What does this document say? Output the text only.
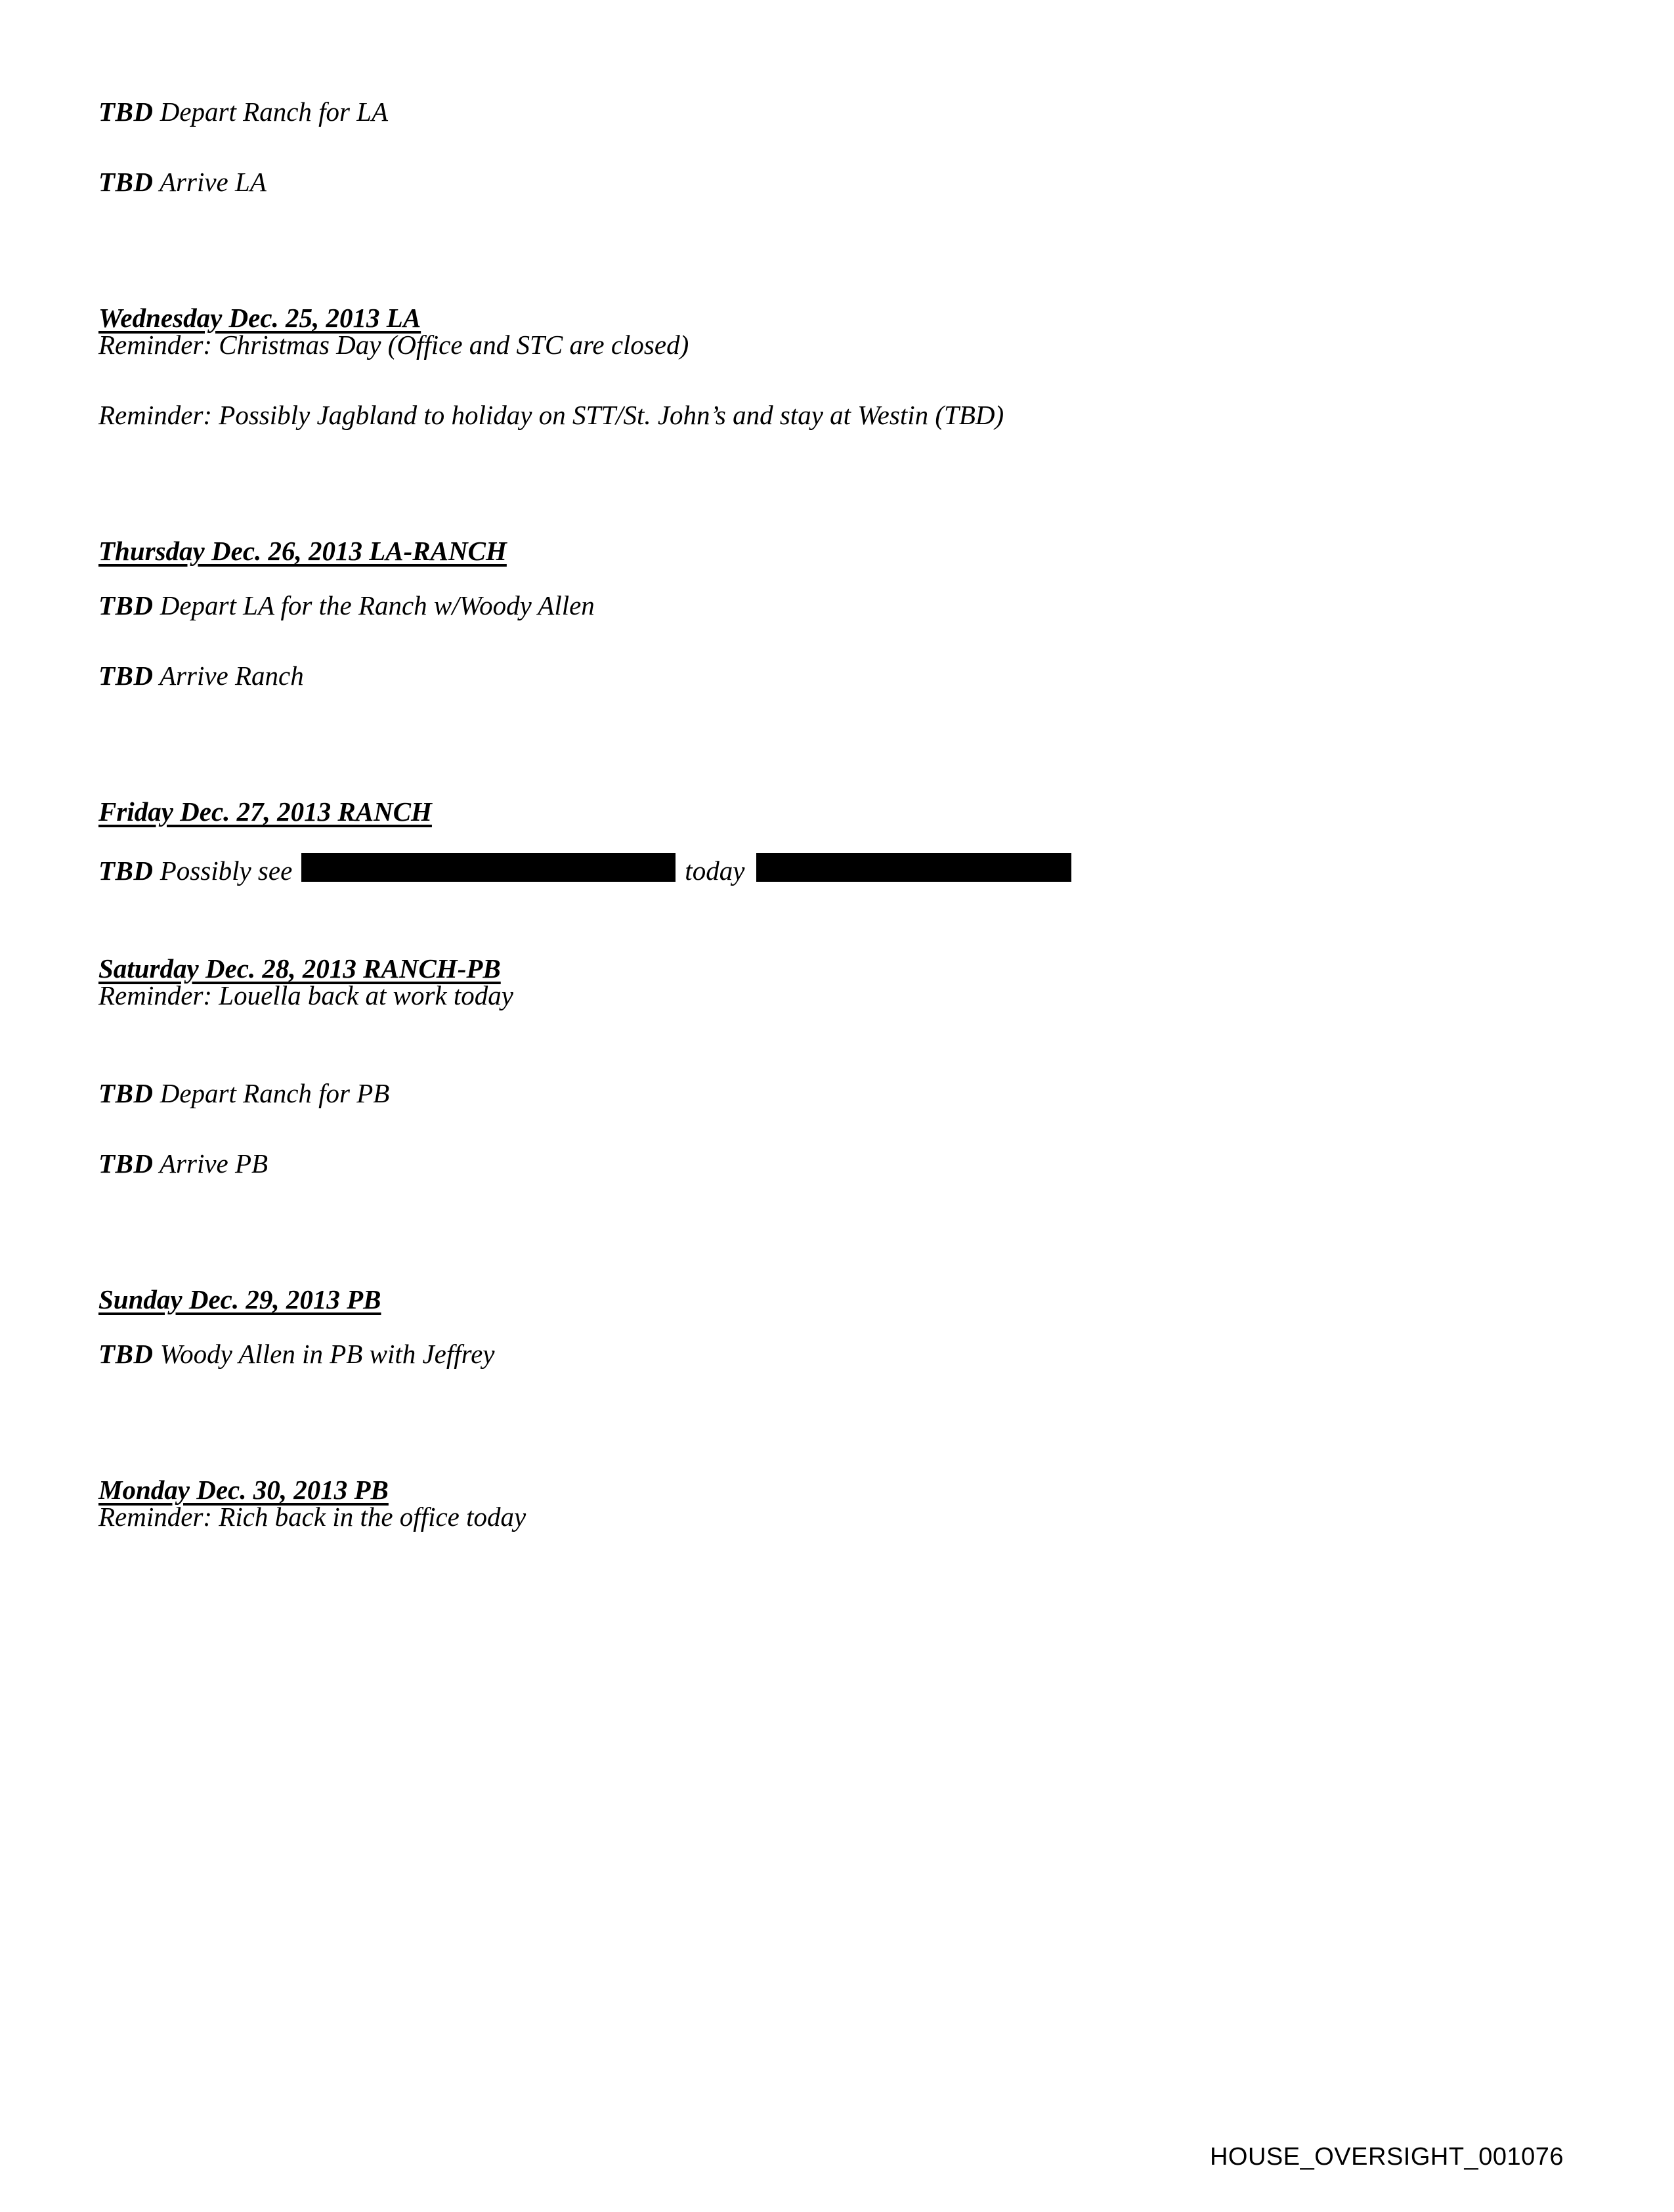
TBD Depart Ranch for LA

TBD Arrive LA

Wednesday Dec. 25, 2013 LA

Reminder: Christmas Day (Office and STC are closed)

Reminder: Possibly Jagbland to holiday on STT/St. John’s and stay at Westin (TBD)

Thursday Dec. 26, 2013 LA-RANCH

TBD Depart LA for the Ranch w/Woody Allen

TBD Arrive Ranch

Friday Dec. 27, 2013 RANCH

TBD Possibly see	today

Saturday Dec. 28, 2013 RANCH-PB

Reminder: Louella back at work today

TBD Depart Ranch for PB

TBD Arrive PB

Sunday Dec. 29, 2013 PB

TBD Woody Allen in PB with Jeffrey

Monday Dec. 30, 2013 PB

Reminder: Rich back in the office today

HOUSE_OVERSIGHT_001076
